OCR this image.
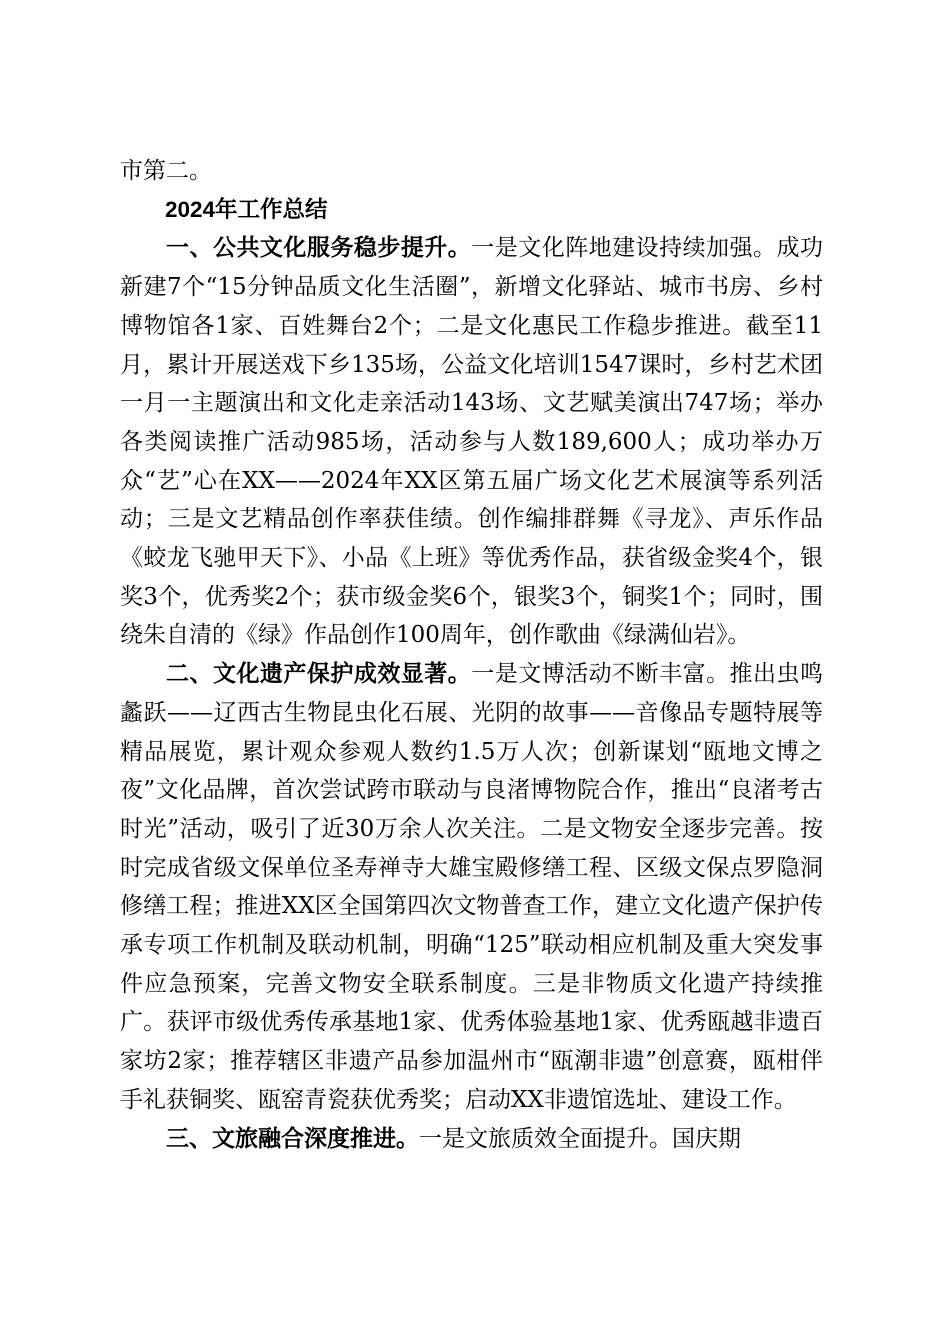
市第二。

2024年工作总结

一、公共文化服务稳步提升。一是文化阵地建设持续加强。成功新建7个“15分钟品质文化生活圈”，新增文化驿站、城市书房、乡村博物馆各1家、百姓舞台2个；二是文化惠民工作稳步推进。截至11月，累计开展送戏下乡135场，公益文化培训1547课时，乡村艺术团一月一主题演出和文化走亲活动143场、文艺赋美演出747场；举办各类阅读推广活动985场，活动参与人数189,600人；成功举办万众“艺”心在XX——2024年XX区第五届广场文化艺术展演等系列活动；三是文艺精品创作率获佳绩。创作编排群舞《寻龙》、声乐作品《蛟龙飞驰甲天下》、小品《上班》等优秀作品，获省级金奖4个，银奖3个，优秀奖2个；获市级金奖6个，银奖3个，铜奖1个；同时，围绕朱自清的《绿》作品创作100周年，创作歌曲《绿满仙岩》。

二、文化遗产保护成效显著。一是文博活动不断丰富。推出虫鸣蠡跃——辽西古生物昆虫化石展、光阴的故事——音像品专题特展等精品展览，累计观众参观人数约1.5万人次；创新谋划“瓯地文博之夜”文化品牌，首次尝试跨市联动与良渚博物院合作，推出“良渚考古时光”活动，吸引了近30万余人次关注。二是文物安全逐步完善。按时完成省级文保单位圣寿禅寺大雄宝殿修缮工程、区级文保点罗隐洞修缮工程；推进XX区全国第四次文物普查工作，建立文化遗产保护传承专项工作机制及联动机制，明确“125”联动相应机制及重大突发事件应急预案，完善文物安全联系制度。三是非物质文化遗产持续推广。获评市级优秀传承基地1家、优秀体验基地1家、优秀瓯越非遗百家坊2家；推荐辖区非遗产品参加温州市“瓯潮非遗”创意赛，瓯柑伴手礼获铜奖、瓯窑青瓷获优秀奖；启动XX非遗馆选址、建设工作。

三、文旅融合深度推进。一是文旅质效全面提升。国庆期
